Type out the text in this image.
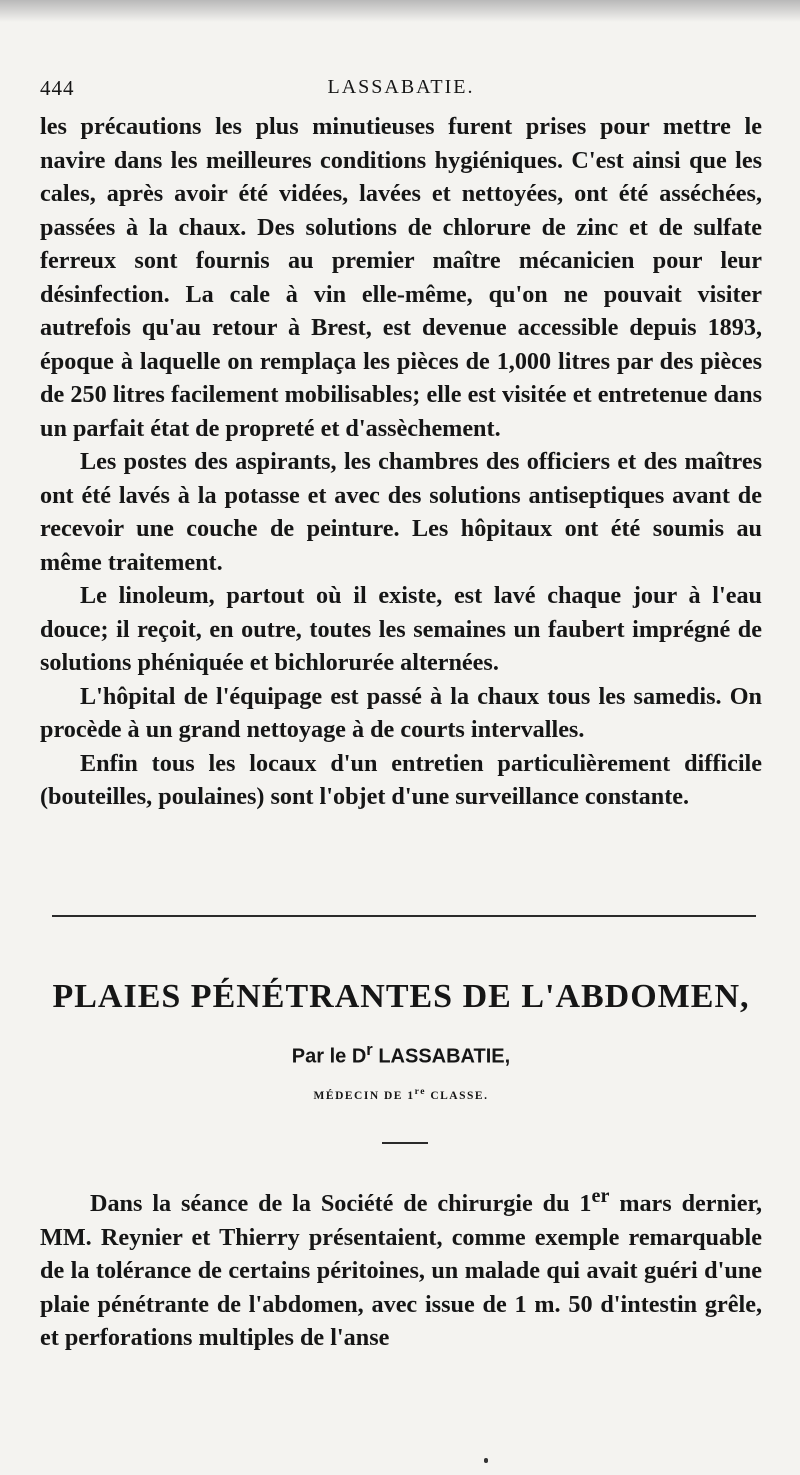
444	LASSABATIE.

les précautions les plus minutieuses furent prises pour mettre le navire dans les meilleures conditions hygiéniques. C'est ainsi que les cales, après avoir été vidées, lavées et nettoyées, ont été asséchées, passées à la chaux. Des solutions de chlorure de zinc et de sulfate ferreux sont fournis au premier maître mécanicien pour leur désinfection. La cale à vin elle-même, qu'on ne pouvait visiter autrefois qu'au retour à Brest, est devenue accessible depuis 1893, époque à laquelle on remplaça les pièces de 1,000 litres par des pièces de 250 litres facilement mobilisables; elle est visitée et entretenue dans un parfait état de propreté et d'assèchement.

Les postes des aspirants, les chambres des officiers et des maîtres ont été lavés à la potasse et avec des solutions antiseptiques avant de recevoir une couche de peinture. Les hôpitaux ont été soumis au même traitement.

Le linoleum, partout où il existe, est lavé chaque jour à l'eau douce; il reçoit, en outre, toutes les semaines un faubert imprégné de solutions phéniquée et bichlorurée alternées.

L'hôpital de l'équipage est passé à la chaux tous les samedis. On procède à un grand nettoyage à de courts intervalles.

Enfin tous les locaux d'un entretien particulièrement difficile (bouteilles, poulaines) sont l'objet d'une surveillance constante.

PLAIES PÉNÉTRANTES DE L'ABDOMEN,
Par le $D^r$ LASSABATIE,
MÉDECIN DE 1re CLASSE.

Dans la séance de la Société de chirurgie du 1er mars dernier, MM. Reynier et Thierry présentaient, comme exemple remarquable de la tolérance de certains péritoines, un malade qui avait guéri d'une plaie pénétrante de l'abdomen, avec issue de 1 m. 50 d'intestin grêle, et perforations multiples de l'anse
